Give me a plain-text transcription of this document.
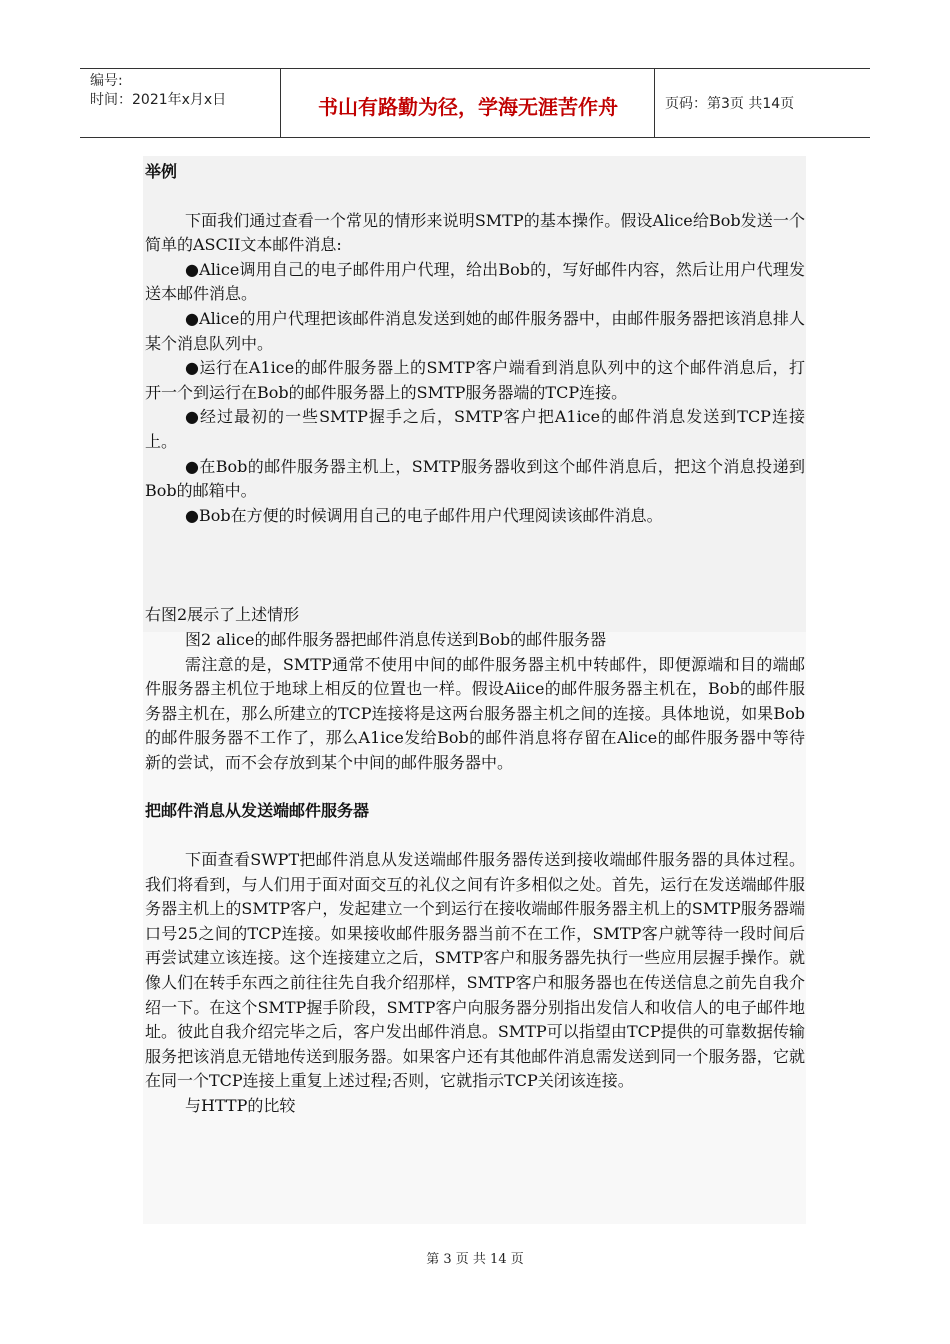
编号:
时间：2021年x月x日	书山有路勤为径，学海无涯苦作舟	页码：第3页 共14页

举例

下面我们通过查看一个常见的情形来说明SMTP的基本操作。假设Alice给Bob发送一个简单的ASCII文本邮件消息:

●Alice调用自己的电子邮件用户代理，给出Bob的，写好邮件内容，然后让用户代理发送本邮件消息。

●Alice的用户代理把该邮件消息发送到她的邮件服务器中，由邮件服务器把该消息排人某个消息队列中。

●运行在A1ice的邮件服务器上的SMTP客户端看到消息队列中的这个邮件消息后，打开一个到运行在Bob的邮件服务器上的SMTP服务器端的TCP连接。

●经过最初的一些SMTP握手之后，SMTP客户把A1ice的邮件消息发送到TCP连接上。

●在Bob的邮件服务器主机上，SMTP服务器收到这个邮件消息后，把这个消息投递到Bob的邮箱中。

●Bob在方便的时候调用自己的电子邮件用户代理阅读该邮件消息。

右图2展示了上述情形

图2 alice的邮件服务器把邮件消息传送到Bob的邮件服务器

需注意的是，SMTP通常不使用中间的邮件服务器主机中转邮件，即便源端和目的端邮件服务器主机位于地球上相反的位置也一样。假设Aiice的邮件服务器主机在，Bob的邮件服务器主机在，那么所建立的TCP连接将是这两台服务器主机之间的连接。具体地说，如果Bob的邮件服务器不工作了，那么A1ice发给Bob的邮件消息将存留在Alice的邮件服务器中等待新的尝试，而不会存放到某个中间的邮件服务器中。

把邮件消息从发送端邮件服务器

下面查看SWPT把邮件消息从发送端邮件服务器传送到接收端邮件服务器的具体过程。我们将看到，与人们用于面对面交互的礼仪之间有许多相似之处。首先，运行在发送端邮件服务器主机上的SMTP客户，发起建立一个到运行在接收端邮件服务器主机上的SMTP服务器端口号25之间的TCP连接。如果接收邮件服务器当前不在工作，SMTP客户就等待一段时间后再尝试建立该连接。这个连接建立之后，SMTP客户和服务器先执行一些应用层握手操作。就像人们在转手东西之前往往先自我介绍那样，SMTP客户和服务器也在传送信息之前先自我介绍一下。在这个SMTP握手阶段，SMTP客户向服务器分别指出发信人和收信人的电子邮件地址。彼此自我介绍完毕之后，客户发出邮件消息。SMTP可以指望由TCP提供的可靠数据传输服务把该消息无错地传送到服务器。如果客户还有其他邮件消息需发送到同一个服务器，它就在同一个TCP连接上重复上述过程;否则，它就指示TCP关闭该连接。

与HTTP的比较

第 3 页 共 14 页
